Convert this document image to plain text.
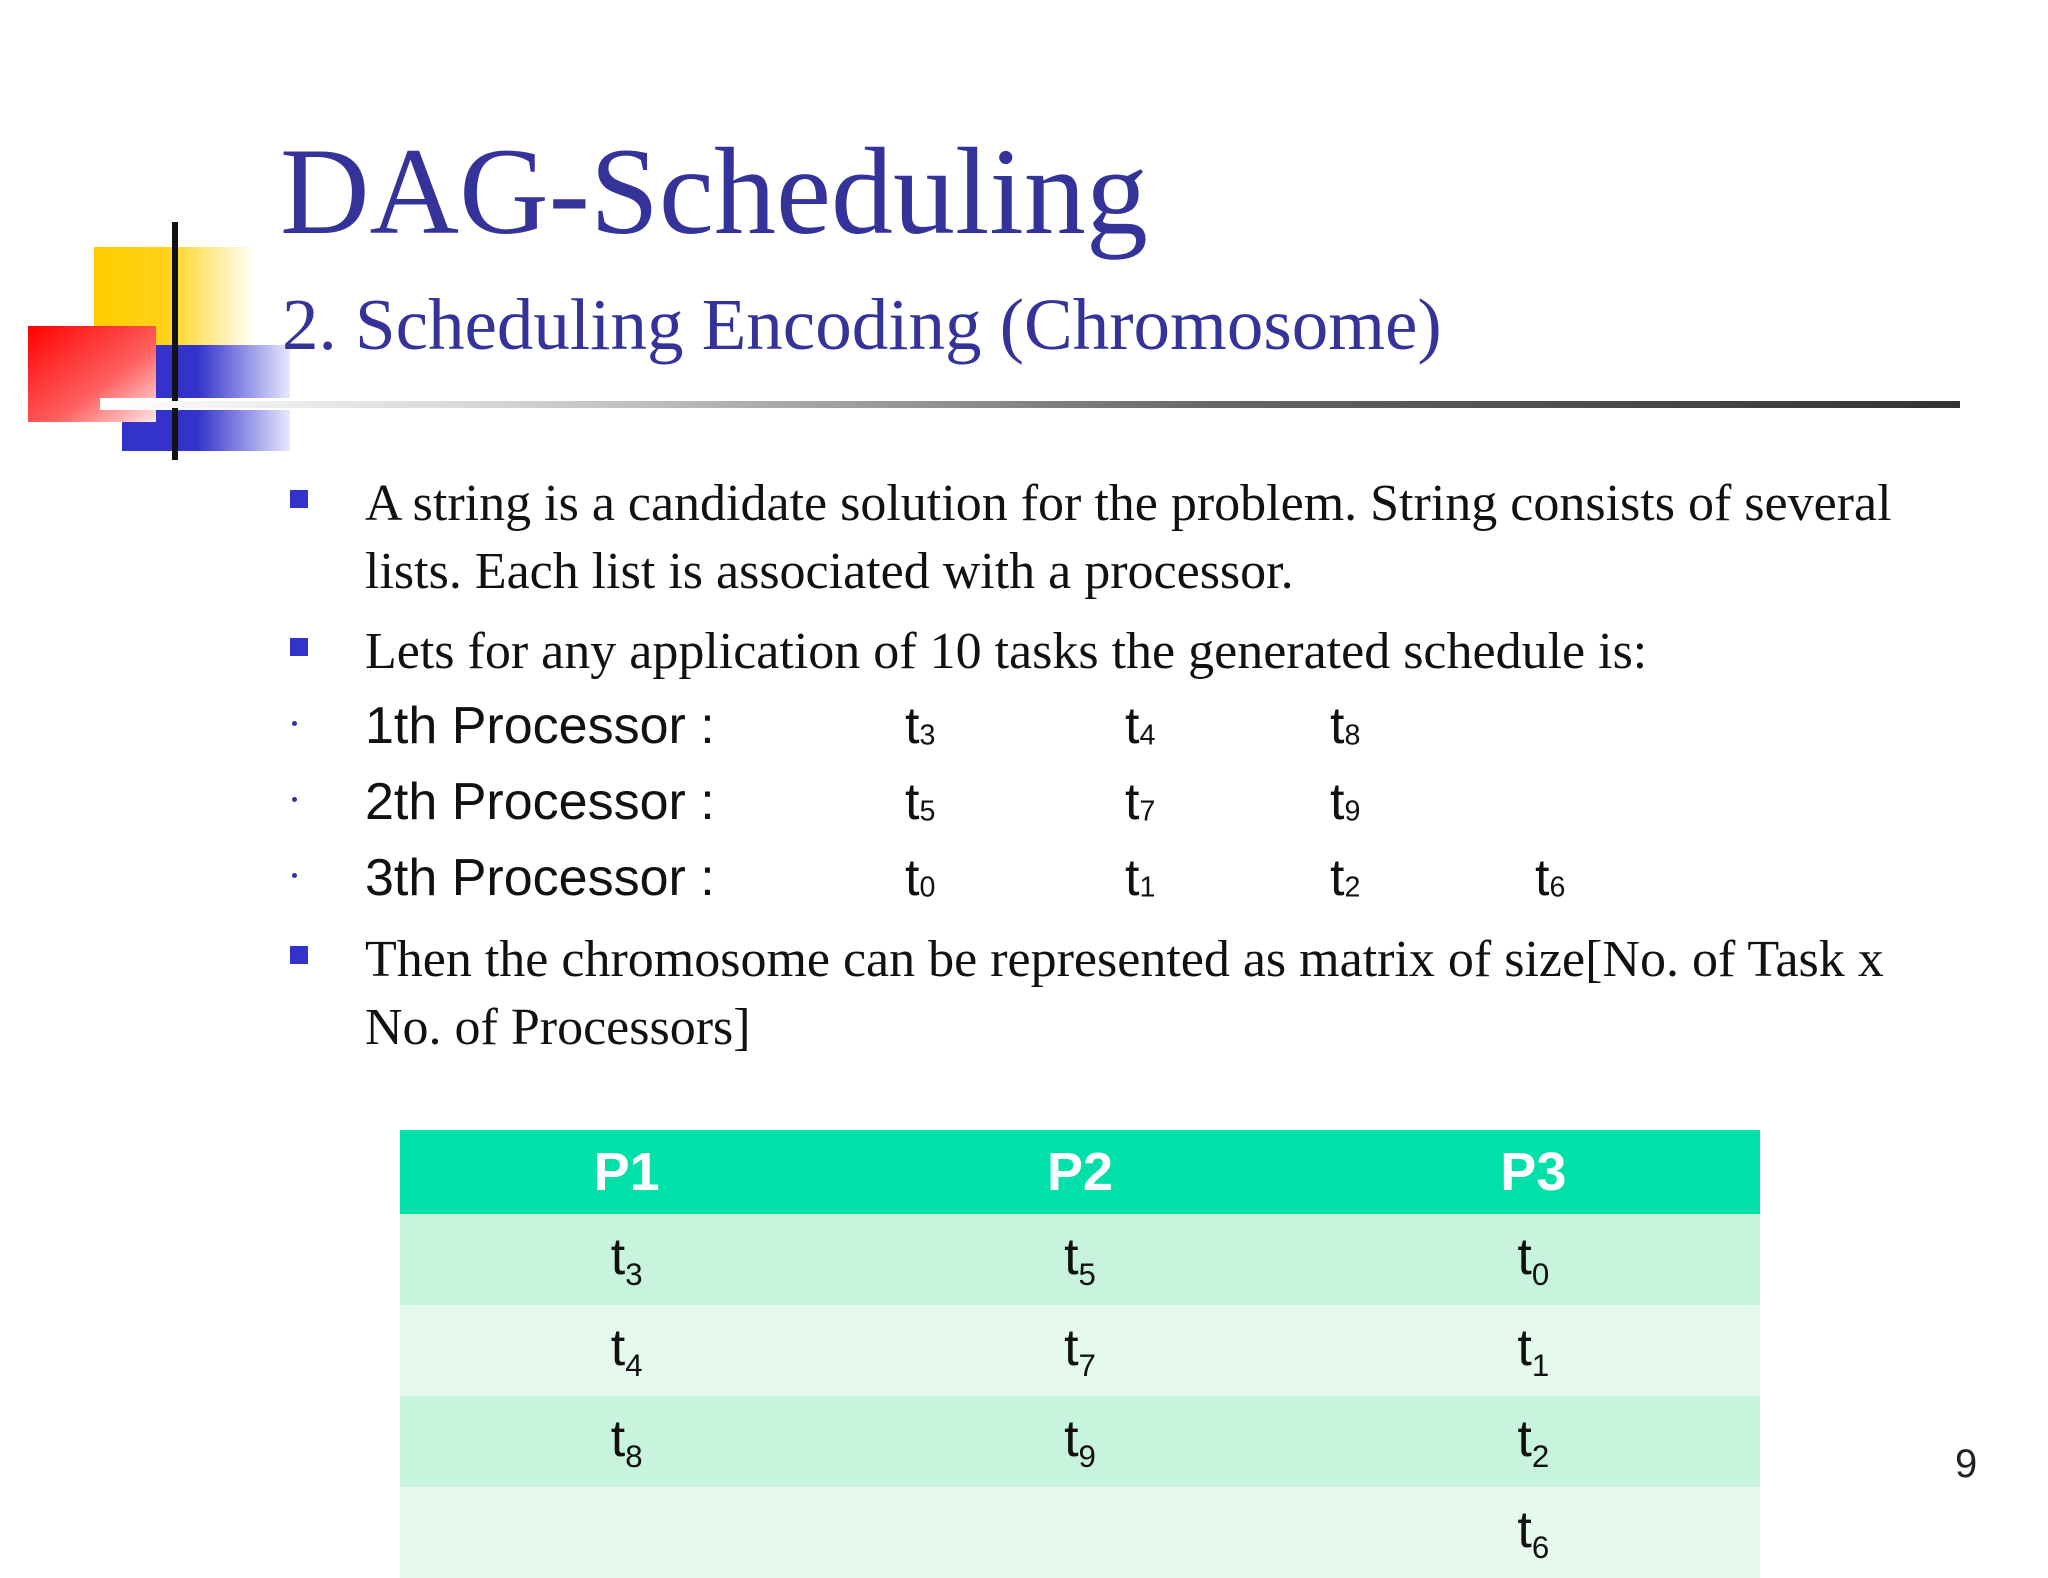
DAG-Scheduling
2. Scheduling Encoding (Chromosome)
A string is a candidate solution for the problem. String consists of several lists. Each list is associated with a processor.
Lets for any application of 10 tasks the generated schedule is:
1th Processor :	$t_3$	$t_4$	$t_8$
2th Processor :	$t_5$	$t_7$	$t_9$
3th Processor :	$t_0$	$t_1$	$t_2$	$t_6$
Then the chromosome can be represented as matrix of size[No. of Task x No. of Processors]
P1	P2	P3
$t_3$	$t_5$	$t_0$
$t_4$	$t_7$	$t_1$
$t_8$	$t_9$	$t_2$
		$t_6$
9
